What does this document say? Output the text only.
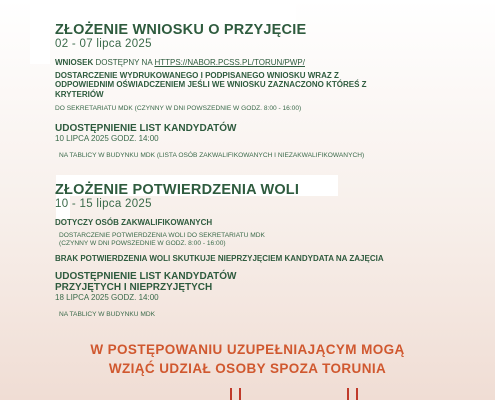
ZŁOŻENIE WNIOSKU O PRZYJĘCIE
02 - 07 lipca 2025
WNIOSEK DOSTĘPNY NA HTTPS://NABOR.PCSS.PL/TORUN/PWP/
DOSTARCZENIE WYDRUKOWANEGO I PODPISANEGO WNIOSKU WRAZ Z ODPOWIEDNIM OŚWIADCZENIEM JEŚLI WE WNIOSKU ZAZNACZONO KTÓREŚ Z KRYTERIÓW
DO SEKRETARIATU MDK (CZYNNY W DNI POWSZEDNIE W GODZ. 8:00 - 16:00)
UDOSTĘPNIENIE LIST KANDYDATÓW
10 LIPCA 2025 GODZ. 14:00
NA TABLICY W BUDYNKU MDK (LISTA OSÓB ZAKWALIFIKOWANYCH I NIEZAKWALIFIKOWANYCH)
ZŁOŻENIE POTWIERDZENIA WOLI
10 - 15 lipca 2025
DOTYCZY OSÓB ZAKWALIFIKOWANYCH
DOSTARCZENIE POTWIERDZENIA WOLI DO SEKRETARIATU MDK
(CZYNNY W DNI POWSZEDNIE W GODZ. 8:00 - 16:00)
BRAK POTWIERDZENIA WOLI SKUTKUJE NIEPRZYJĘCIEM KANDYDATA NA ZAJĘCIA
UDOSTĘPNIENIE LIST KANDYDATÓW
PRZYJĘTYCH I NIEPRZYJĘTYCH
18 LIPCA 2025 GODZ. 14:00
NA TABLICY W BUDYNKU MDK
W POSTĘPOWANIU UZUPEŁNIAJĄCYM MOGĄ
WZIĄĆ UDZIAŁ OSOBY SPOZA TORUNIA
